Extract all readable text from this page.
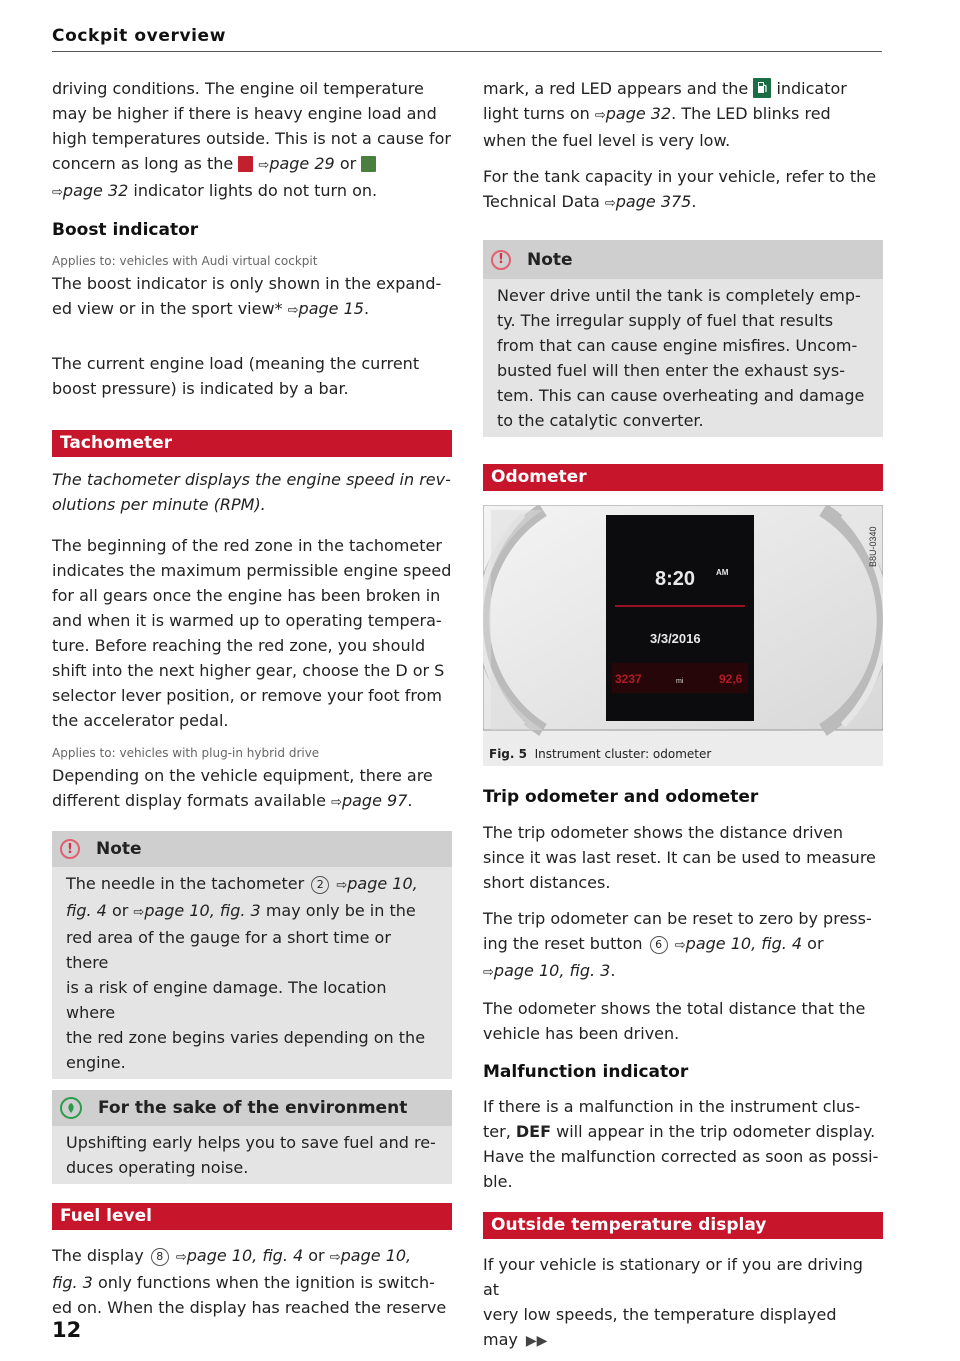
Cockpit overview

driving conditions. The engine oil temperature

may be higher if there is heavy engine load and

high temperatures outside. This is not a cause for

concern as long as the ⇨page 29 or

⇨page 32 indicator lights do not turn on.

Boost indicator

Applies to: vehicles with Audi virtual cockpit

The boost indicator is only shown in the expand-

ed view or in the sport view* ⇨page 15.

The current engine load (meaning the current

boost pressure) is indicated by a bar.

Tachometer

The tachometer displays the engine speed in rev-

olutions per minute (RPM).

The beginning of the red zone in the tachometer

indicates the maximum permissible engine speed

for all gears once the engine has been broken in

and when it is warmed up to operating tempera-

ture. Before reaching the red zone, you should

shift into the next higher gear, choose the D or S

selector lever position, or remove your foot from

the accelerator pedal.

Applies to: vehicles with plug-in hybrid drive

Depending on the vehicle equipment, there are

different display formats available ⇨page 97.

!	Note

The needle in the tachometer 2 ⇨page 10,

fig. 4 or ⇨page 10, fig. 3 may only be in the

red area of the gauge for a short time or there

is a risk of engine damage. The location where

the red zone begins varies depending on the

engine.

For the sake of the environment

Upshifting early helps you to save fuel and re-

duces operating noise.

Fuel level

The display 8 ⇨page 10, fig. 4 or ⇨page 10,

fig. 3 only functions when the ignition is switch-

ed on. When the display has reached the reserve

mark, a red LED appears and the indicator

light turns on ⇨page 32. The LED blinks red

when the fuel level is very low.

For the tank capacity in your vehicle, refer to the

Technical Data ⇨page 375.

!	Note

Never drive until the tank is completely emp-

ty. The irregular supply of fuel that results

from that can cause engine misfires. Uncom-

busted fuel will then enter the exhaust sys-

tem. This can cause overheating and damage

to the catalytic converter.

Odometer
8:20	AM
3/3/2016
3237	mi	92,6
B8U-0340
Fig. 5 Instrument cluster: odometer
Trip odometer and odometer

The trip odometer shows the distance driven

since it was last reset. It can be used to measure

short distances.

The trip odometer can be reset to zero by press-

ing the reset button 6 ⇨page 10, fig. 4 or

⇨page 10, fig. 3.

The odometer shows the total distance that the

vehicle has been driven.

Malfunction indicator

If there is a malfunction in the instrument clus-

ter, DEF will appear in the trip odometer display.

Have the malfunction corrected as soon as possi-

ble.

Outside temperature display

If your vehicle is stationary or if you are driving at

very low speeds, the temperature displayed may ▶▶

12
